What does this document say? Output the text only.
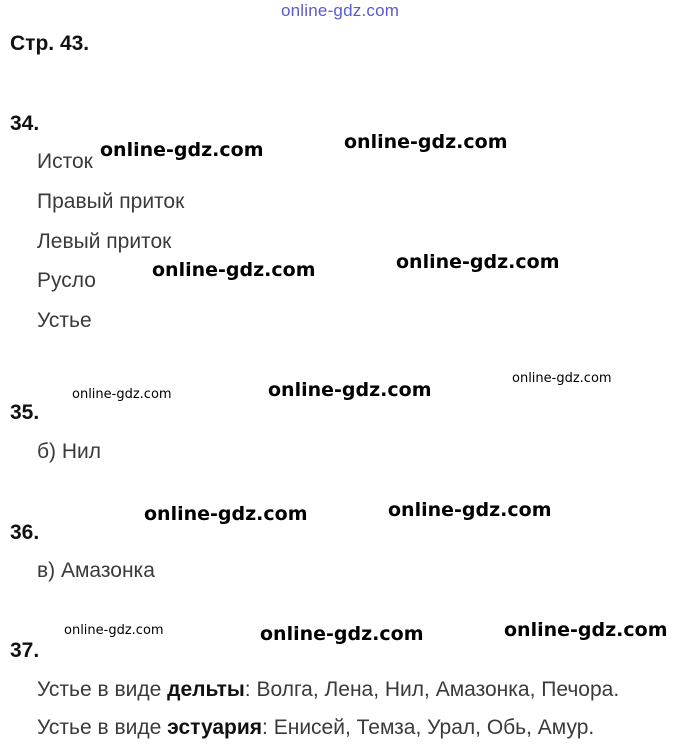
online-gdz.com
Стр. 43.
34.
Исток
Правый приток
Левый приток
Русло
Устье
35.
б) Нил
36.
в) Амазонка
37.
Устье в виде дельты: Волга, Лена, Нил, Амазонка, Печора.
Устье в виде эстуария: Енисей, Темза, Урал, Обь, Амур.
online-gdz.com	online-gdz.com
online-gdz.com	online-gdz.com
online-gdz.com	online-gdz.com
online-gdz.com
online-gdz.com	online-gdz.com
online-gdz.com	online-gdz.com	online-gdz.com
